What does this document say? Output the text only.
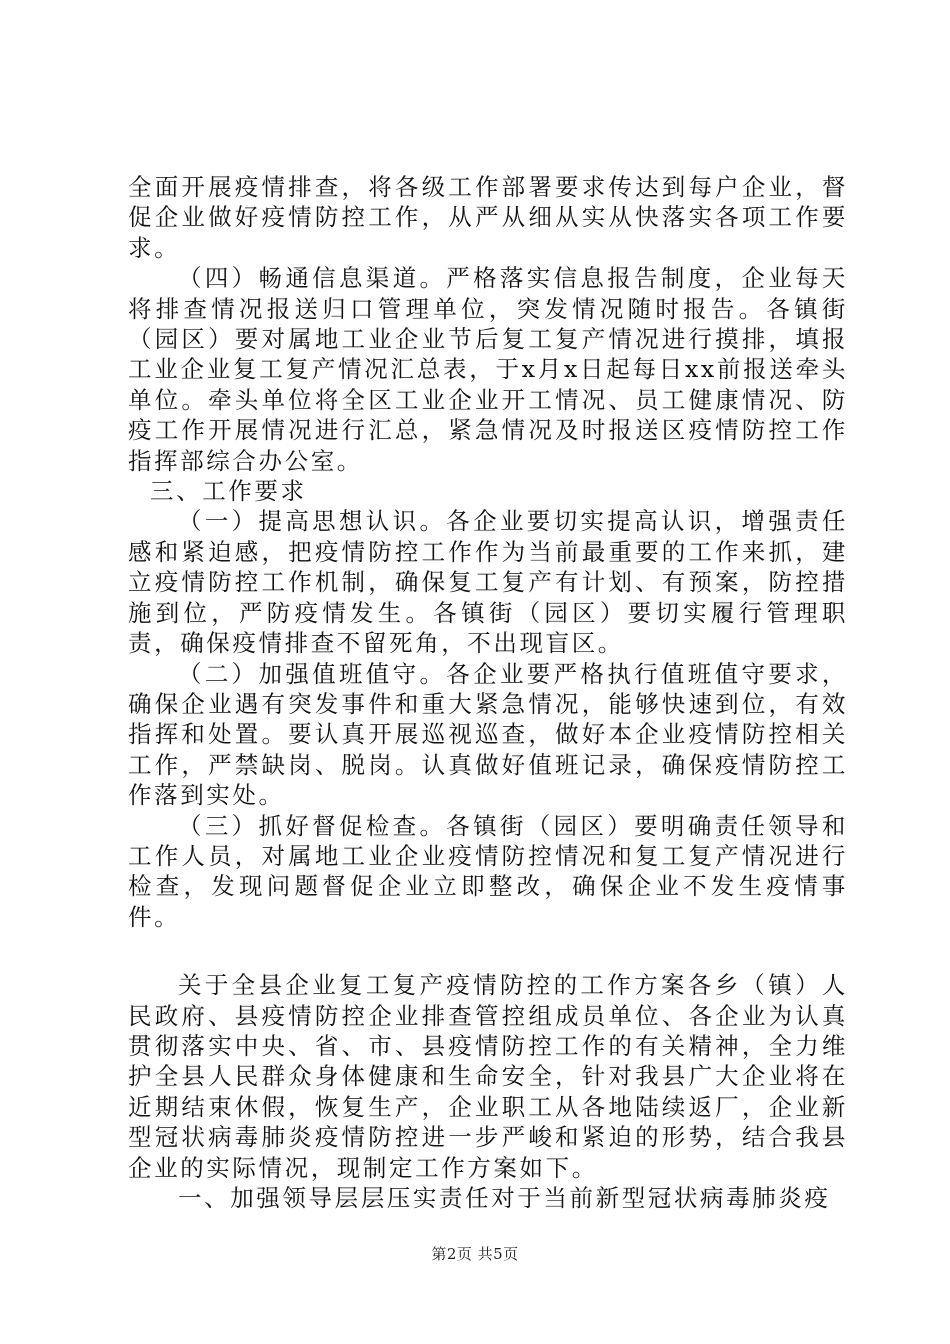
全面开展疫情排查，将各级工作部署要求传达到每户企业，督促企业做好疫情防控工作，从严从细从实从快落实各项工作要求。

（四）畅通信息渠道。严格落实信息报告制度，企业每天将排查情况报送归口管理单位，突发情况随时报告。各镇街（园区）要对属地工业企业节后复工复产情况进行摸排，填报工业企业复工复产情况汇总表，于x月x日起每日xx前报送牵头单位。牵头单位将全区工业企业开工情况、员工健康情况、防疫工作开展情况进行汇总，紧急情况及时报送区疫情防控工作指挥部综合办公室。

三、工作要求

（一）提高思想认识。各企业要切实提高认识，增强责任感和紧迫感，把疫情防控工作作为当前最重要的工作来抓，建立疫情防控工作机制，确保复工复产有计划、有预案，防控措施到位，严防疫情发生。各镇街（园区）要切实履行管理职责，确保疫情排查不留死角，不出现盲区。

（二）加强值班值守。各企业要严格执行值班值守要求，确保企业遇有突发事件和重大紧急情况，能够快速到位，有效指挥和处置。要认真开展巡视巡查，做好本企业疫情防控相关工作，严禁缺岗、脱岗。认真做好值班记录，确保疫情防控工作落到实处。

（三）抓好督促检查。各镇街（园区）要明确责任领导和工作人员，对属地工业企业疫情防控情况和复工复产情况进行检查，发现问题督促企业立即整改，确保企业不发生疫情事件。

关于全县企业复工复产疫情防控的工作方案各乡（镇）人民政府、县疫情防控企业排查管控组成员单位、各企业为认真贯彻落实中央、省、市、县疫情防控工作的有关精神，全力维护全县人民群众身体健康和生命安全，针对我县广大企业将在近期结束休假，恢复生产，企业职工从各地陆续返厂，企业新型冠状病毒肺炎疫情防控进一步严峻和紧迫的形势，结合我县企业的实际情况，现制定工作方案如下。

一、加强领导层层压实责任对于当前新型冠状病毒肺炎疫

第2页 共5页
